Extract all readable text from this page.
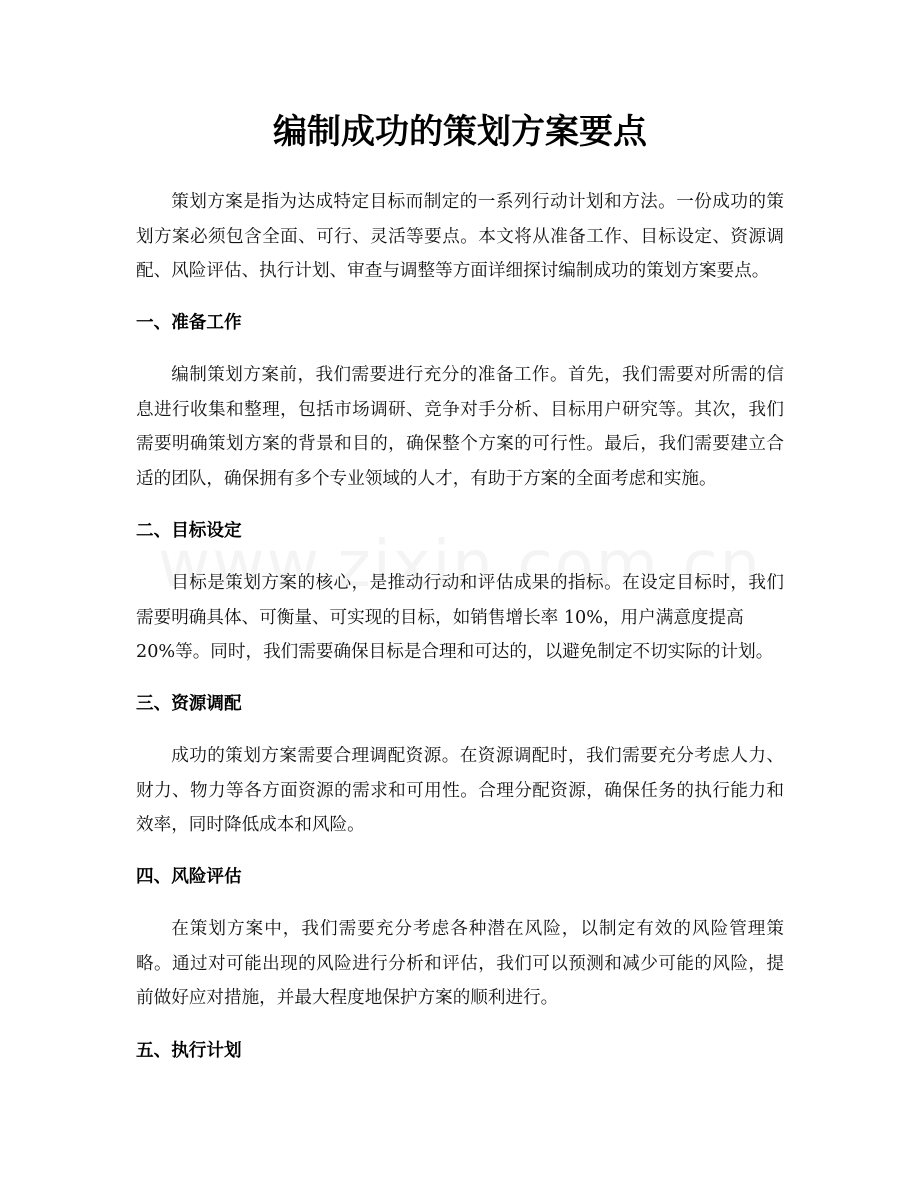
编制成功的策划方案要点

策划方案是指为达成特定目标而制定的一系列行动计划和方法。一份成功的策划方案必须包含全面、可行、灵活等要点。本文将从准备工作、目标设定、资源调配、风险评估、执行计划、审查与调整等方面详细探讨编制成功的策划方案要点。

一、准备工作

编制策划方案前，我们需要进行充分的准备工作。首先，我们需要对所需的信息进行收集和整理，包括市场调研、竞争对手分析、目标用户研究等。其次，我们需要明确策划方案的背景和目的，确保整个方案的可行性。最后，我们需要建立合适的团队，确保拥有多个专业领域的人才，有助于方案的全面考虑和实施。

二、目标设定
目标是策划方案的核心，是推动行动和评估成果的指标。在设定目标时，我们需要明确具体、可衡量、可实现的目标，如销售增长率 10%，用户满意度提高
20%等。同时，我们需要确保目标是合理和可达的，以避免制定不切实际的计划。
三、资源调配

成功的策划方案需要合理调配资源。在资源调配时，我们需要充分考虑人力、财力、物力等各方面资源的需求和可用性。合理分配资源，确保任务的执行能力和效率，同时降低成本和风险。

四、风险评估

在策划方案中，我们需要充分考虑各种潜在风险，以制定有效的风险管理策略。通过对可能出现的风险进行分析和评估，我们可以预测和减少可能的风险，提前做好应对措施，并最大程度地保护方案的顺利进行。

五、执行计划
